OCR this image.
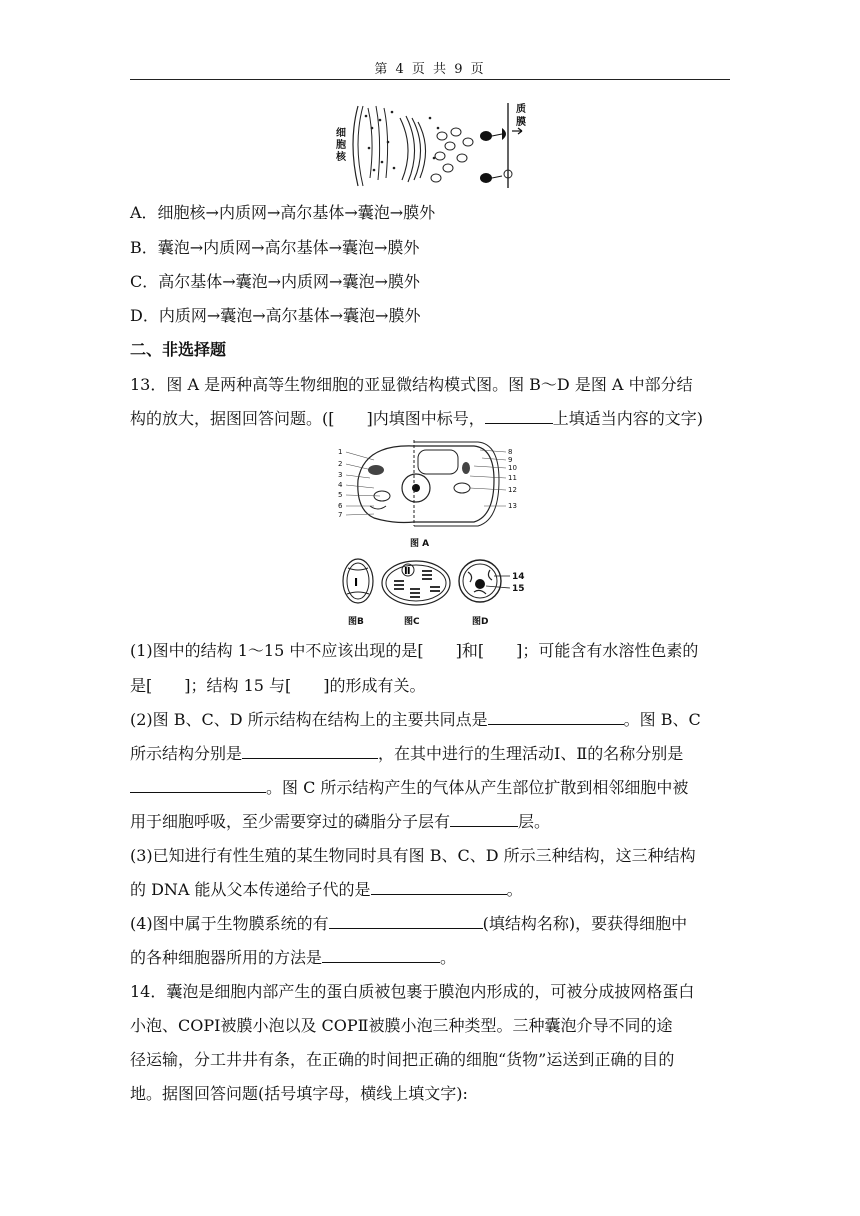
第 4 页 共 9 页
细
胞
核
质
膜
A．细胞核→内质网→高尔基体→囊泡→膜外
B．囊泡→内质网→高尔基体→囊泡→膜外
C．高尔基体→囊泡→内质网→囊泡→膜外
D．内质网→囊泡→高尔基体→囊泡→膜外
二、非选择题
13．图 A 是两种高等生物细胞的亚显微结构模式图。图 B～D 是图 A 中部分结
构的放大，据图回答问题。([　　]内填图中标号，	上填适当内容的文字)
1
2
3
4
5
6
7
8
9
10
11
12
13
图 A
Ⅰ
Ⅱ	14
15
图B	图C	图D
(1)图中的结构 1～15 中不应该出现的是[　　]和[　　]；可能含有水溶性色素的
是[　　]；结构 15 与[　　]的形成有关。
(2)图 B、C、D 所示结构在结构上的主要共同点是	。图 B、C
所示结构分别是	，在其中进行的生理活动Ⅰ、Ⅱ的名称分别是
。图 C 所示结构产生的气体从产生部位扩散到相邻细胞中被
用于细胞呼吸，至少需要穿过的磷脂分子层有	层。
(3)已知进行有性生殖的某生物同时具有图 B、C、D 所示三种结构，这三种结构
的 DNA 能从父本传递给子代的是	。
(4)图中属于生物膜系统的有	(填结构名称)，要获得细胞中
的各种细胞器所用的方法是	。
14．囊泡是细胞内部产生的蛋白质被包裹于膜泡内形成的，可被分成披网格蛋白
小泡、COPⅠ被膜小泡以及 COPⅡ被膜小泡三种类型。三种囊泡介导不同的途
径运输，分工井井有条，在正确的时间把正确的细胞“货物”运送到正确的目的
地。据图回答问题(括号填字母，横线上填文字):
